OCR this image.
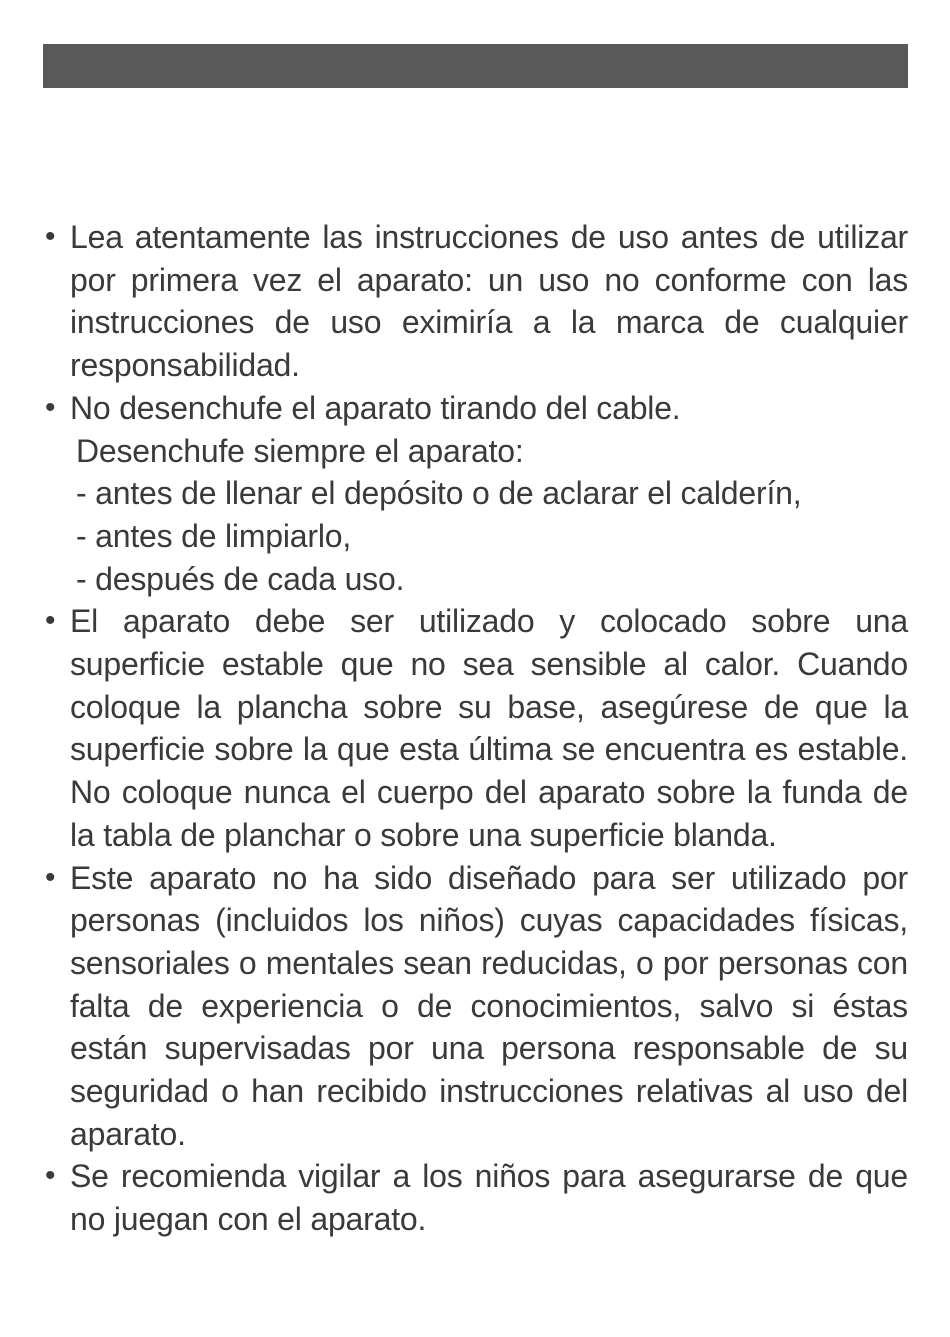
• Lea atentamente las instrucciones de uso antes de utilizar por primera vez el aparato: un uso no conforme con las instrucciones de uso eximiría a la marca de cualquier responsabilidad.
• No desenchufe el aparato tirando del cable.
Desenchufe siempre el aparato:
- antes de llenar el depósito o de aclarar el calderín,
- antes de limpiarlo,
- después de cada uso.
• El aparato debe ser utilizado y colocado sobre una superficie estable que no sea sensible al calor. Cuando coloque la plancha sobre su base, asegúrese de que la superficie sobre la que esta última se encuentra es estable. No coloque nunca el cuerpo del aparato sobre la funda de la tabla de planchar o sobre una superficie blanda.
• Este aparato no ha sido diseñado para ser utilizado por personas (incluidos los niños) cuyas capacidades físicas, sensoriales o mentales sean reducidas, o por personas con falta de experiencia o de conocimientos, salvo si éstas están supervisadas por una persona responsable de su seguridad o han recibido instrucciones relativas al uso del aparato.
• Se recomienda vigilar a los niños para asegurarse de que no juegan con el aparato.
